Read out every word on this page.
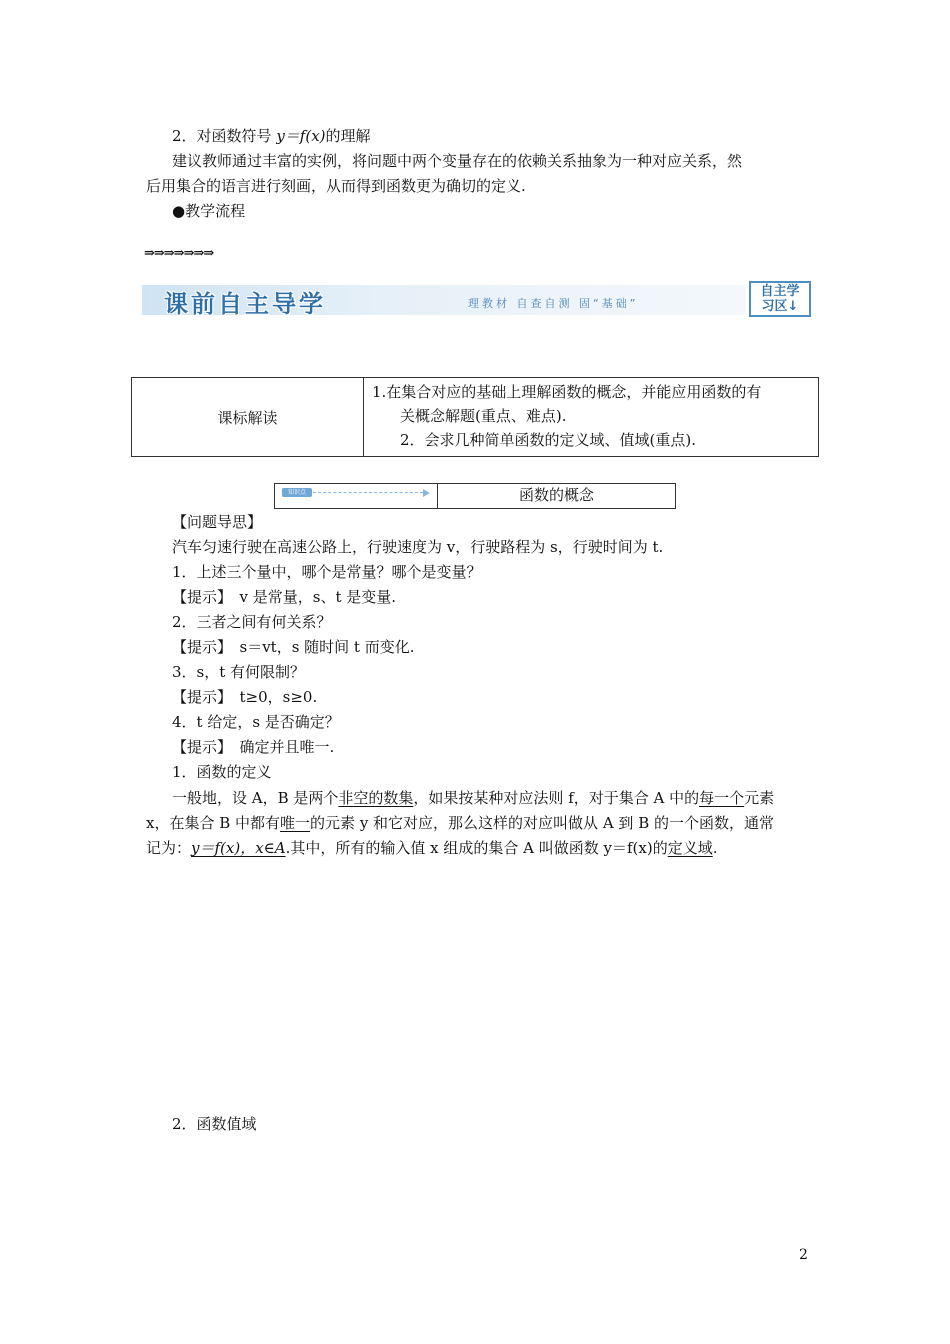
2．对函数符号 y＝f(x)的理解
建议教师通过丰富的实例，将问题中两个变量存在的依赖关系抽象为一种对应关系，然
后用集合的语言进行刻画，从而得到函数更为确切的定义.
●教学流程
⇒⇒⇒⇒⇒⇒⇒
课前自主导学	理教材 自查自测 固“基础”
自主学
习区↓
课标解读
1.在集合对应的基础上理解函数的概念，并能应用函数的有
关概念解题(重点、难点).
2．会求几种简单函数的定义域、值域(重点).
知识点	函数的概念
【问题导思】
汽车匀速行驶在高速公路上，行驶速度为 v，行驶路程为 s，行驶时间为 t.
1．上述三个量中，哪个是常量？哪个是变量？
【提示】　v 是常量，s、t 是变量.
2．三者之间有何关系？
【提示】　s＝vt，s 随时间 t 而变化.
3．s，t 有何限制？
【提示】　t≥0，s≥0.
4．t 给定，s 是否确定？
【提示】　确定并且唯一.
1．函数的定义
一般地，设 A，B 是两个非空的数集，如果按某种对应法则 f，对于集合 A 中的每一个元素
x，在集合 B 中都有唯一的元素 y 和它对应，那么这样的对应叫做从 A 到 B 的一个函数，通常
记为：y＝f(x)，x∈A.其中，所有的输入值 x 组成的集合 A 叫做函数 y＝f(x)的定义域.
2．函数值域
2
